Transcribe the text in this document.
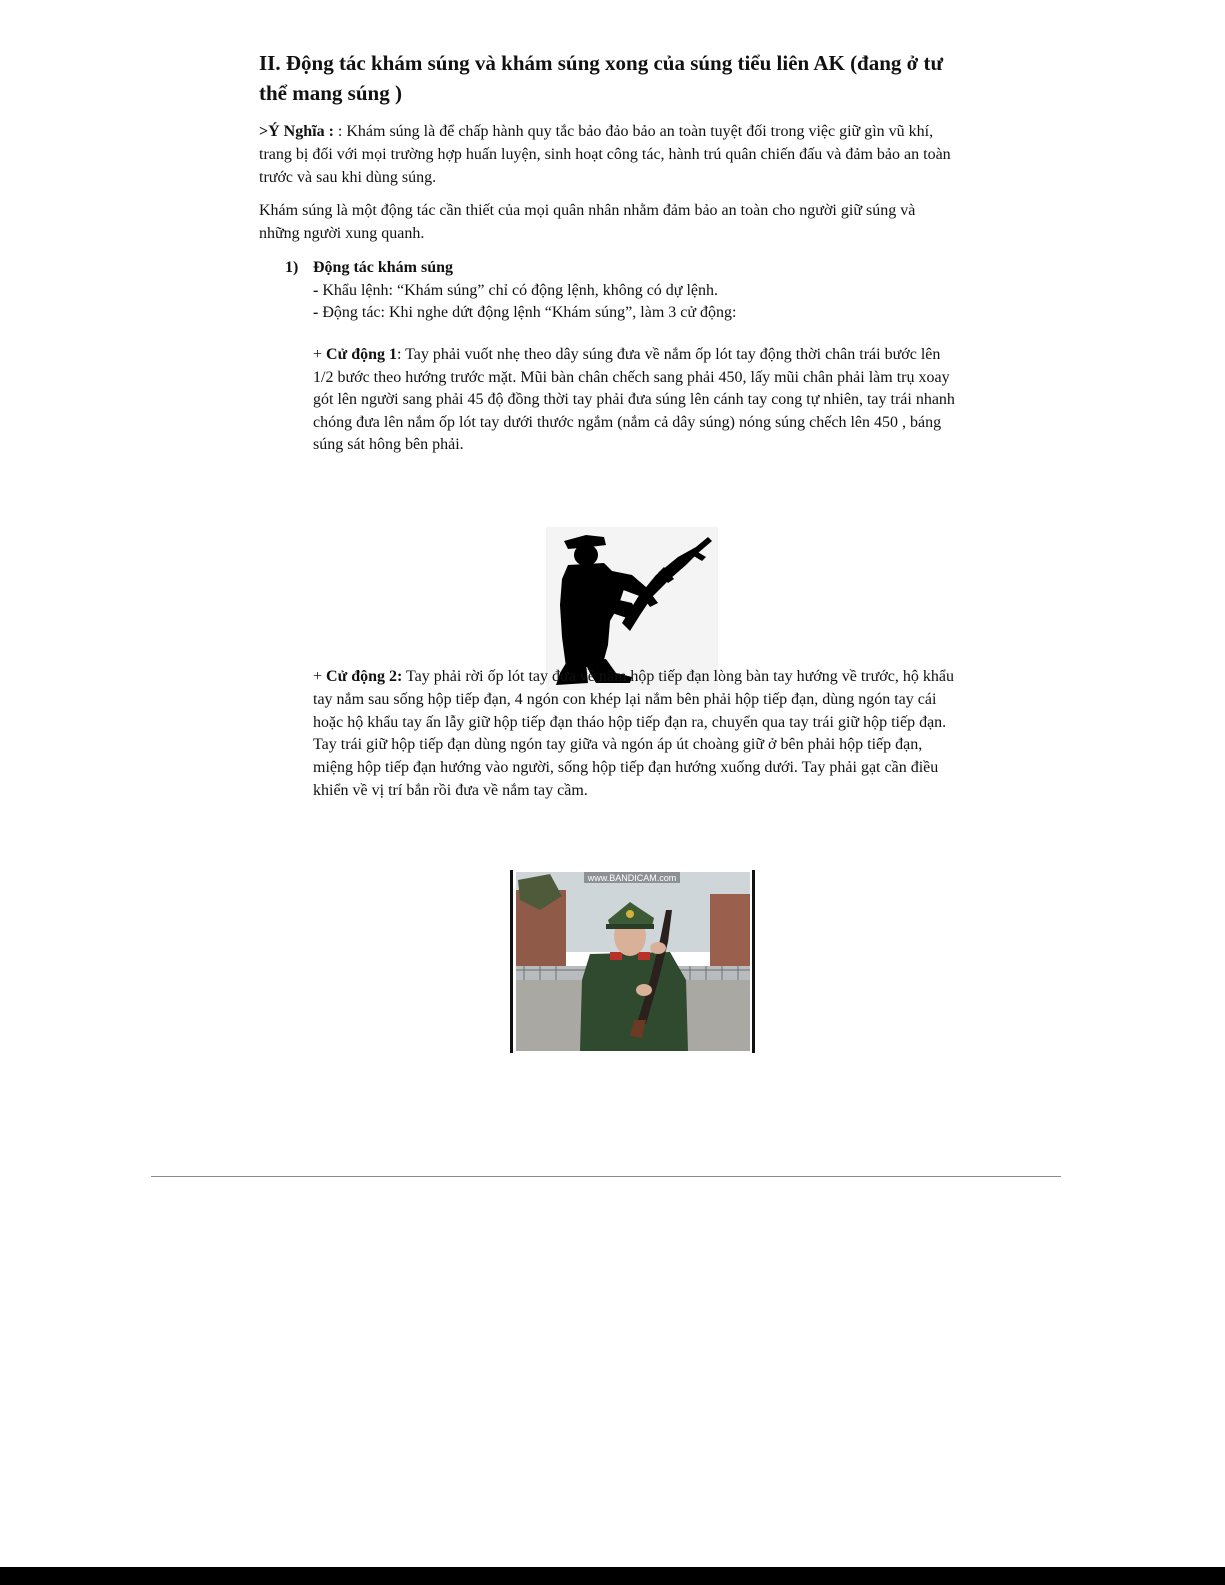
II. Động tác khám súng và khám súng xong của súng tiểu liên AK (đang ở tư thể mang súng )

>Ý Nghĩa : : Khám súng là để chấp hành quy tắc bảo đảo bảo an toàn tuyệt đối trong việc giữ gìn vũ khí, trang bị đối với mọi trường hợp huấn luyện, sinh hoạt công tác, hành trú quân chiến đấu và đảm bảo an toàn trước và sau khi dùng súng.

Khám súng là một động tác cần thiết của mọi quân nhân nhằm đảm bảo an toàn cho người giữ súng và những người xung quanh.

1) Động tác khám súng

- Khẩu lệnh: “Khám súng” chỉ có động lệnh, không có dự lệnh.

- Động tác: Khi nghe dứt động lệnh “Khám súng”, làm 3 cử động:

+ Cử động 1: Tay phải vuốt nhẹ theo dây súng đưa về nắm ốp lót tay động thời chân trái bước lên 1/2 bước theo hướng trước mặt. Mũi bàn chân chếch sang phải 450, lấy mũi chân phải làm trụ xoay gót lên người sang phải 45 độ đồng thời tay phải đưa súng lên cánh tay cong tự nhiên, tay trái nhanh chóng đưa lên nắm ốp lót tay dưới thước ngắm (nắm cả dây súng) nóng súng chếch lên 450 , báng súng sát hông bên phải.

+ Cử động 2: Tay phải rời ốp lót tay đưa về nắm hộp tiếp đạn lòng bàn tay hướng về trước, hộ khẩu tay nắm sau sống hộp tiếp đạn, 4 ngón con khép lại nắm bên phải hộp tiếp đạn, dùng ngón tay cái hoặc hộ khẩu tay ấn lẫy giữ hộp tiếp đạn tháo hộp tiếp đạn ra, chuyển qua tay trái giữ hộp tiếp đạn. Tay trái giữ hộp tiếp đạn dùng ngón tay giữa và ngón áp út choàng giữ ở bên phải hộp tiếp đạn, miệng hộp tiếp đạn hướng vào người, sống hộp tiếp đạn hướng xuống dưới. Tay phải gạt cần điều khiển về vị trí bắn rồi đưa về nắm tay cầm.

www.BANDICAM.com
